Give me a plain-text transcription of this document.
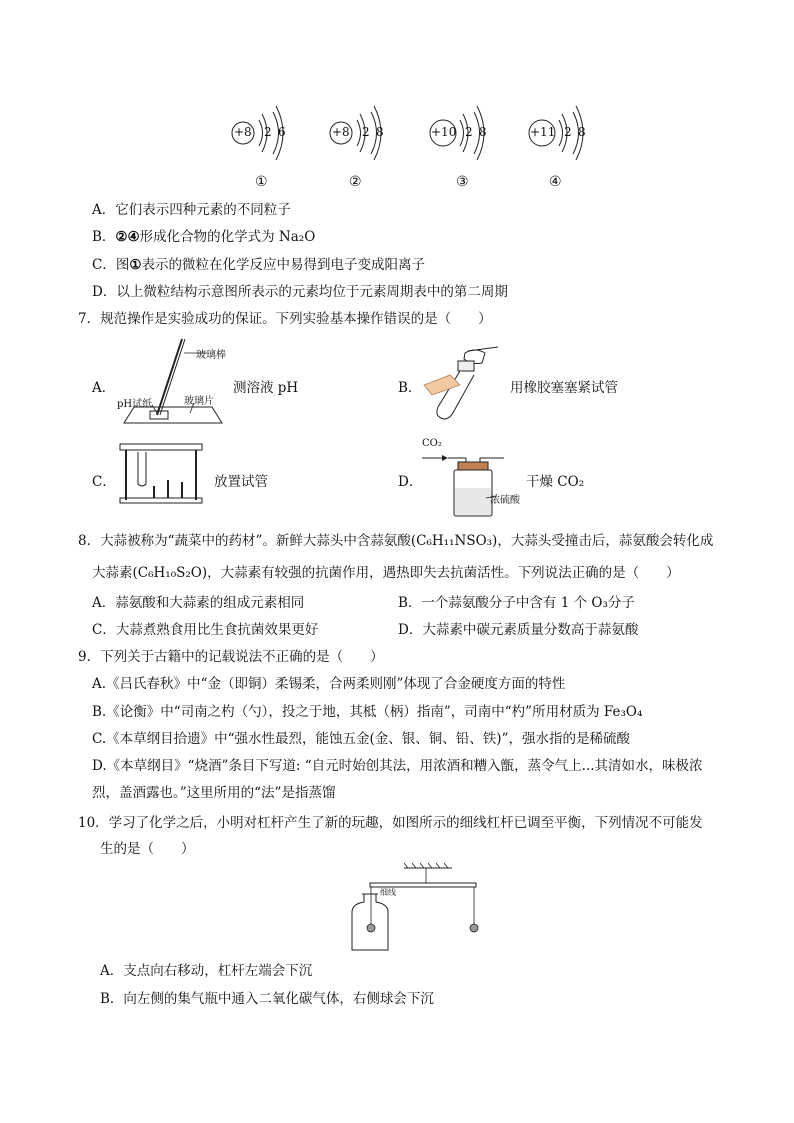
+8 2 6	+8 2 8	+10 2 8	+11 2 8
①	②	③	④
A．它们表示四种元素的不同粒子
B．②④形成化合物的化学式为 Na₂O
C．图①表示的微粒在化学反应中易得到电子变成阳离子
D．以上微粒结构示意图所表示的元素均位于元素周期表中的第二周期
7．规范操作是实验成功的保证。下列实验基本操作错误的是（　　）
A．
玻璃棒
pH试纸	玻璃片
测溶液 pH	B．	用橡胶塞塞紧试管
C．	放置试管	D．
CO₂
浓硫酸
干燥 CO₂
8．大蒜被称为“蔬菜中的药材”。新鲜大蒜头中含蒜氨酸(C₆H₁₁NSO₃)，大蒜头受撞击后，蒜氨酸会转化成
大蒜素(C₆H₁₀S₂O)，大蒜素有较强的抗菌作用，遇热即失去抗菌活性。下列说法正确的是（　　）
A．蒜氨酸和大蒜素的组成元素相同	B．一个蒜氨酸分子中含有 1 个 O₃分子
C．大蒜煮熟食用比生食抗菌效果更好	D．大蒜素中碳元素质量分数高于蒜氨酸
9．下列关于古籍中的记载说法不正确的是（　　）
A.《吕氏春秋》中“金（即铜）柔锡柔，合两柔则刚”体现了合金硬度方面的特性
B.《论衡》中“司南之杓（勺），投之于地，其柢（柄）指南”，司南中“杓”所用材质为 Fe₃O₄
C.《本草纲目拾遗》中“强水性最烈，能蚀五金(金、银、铜、铅、铁)”，强水指的是稀硫酸
D.《本草纲目》“烧酒”条目下写道: “自元时始创其法，用浓酒和糟入甑，蒸令气上...其清如水，味极浓
烈，盖酒露也。”这里所用的“法”是指蒸馏
10．学习了化学之后，小明对杠杆产生了新的玩趣，如图所示的细线杠杆已调至平衡，下列情况不可能发
生的是（　　）
细线
A．支点向右移动，杠杆左端会下沉
B．向左侧的集气瓶中通入二氧化碳气体，右侧球会下沉
